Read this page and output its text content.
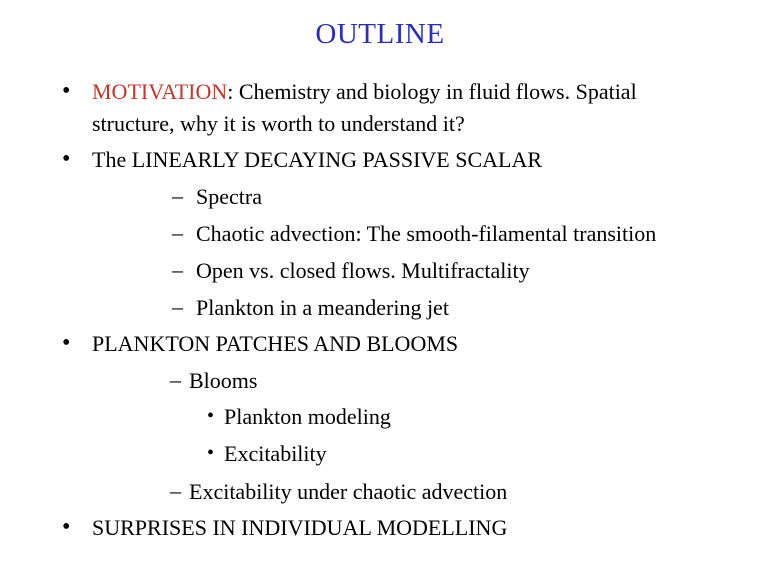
OUTLINE
• MOTIVATION: Chemistry and biology in fluid flows. Spatial
structure, why it is worth to understand it?
• The LINEARLY DECAYING PASSIVE SCALAR
– Spectra
– Chaotic advection: The smooth-filamental transition
– Open vs. closed flows. Multifractality
– Plankton in a meandering jet
• PLANKTON PATCHES AND BLOOMS
– Blooms
• Plankton modeling
• Excitability
– Excitability under chaotic advection
• SURPRISES IN INDIVIDUAL MODELLING
